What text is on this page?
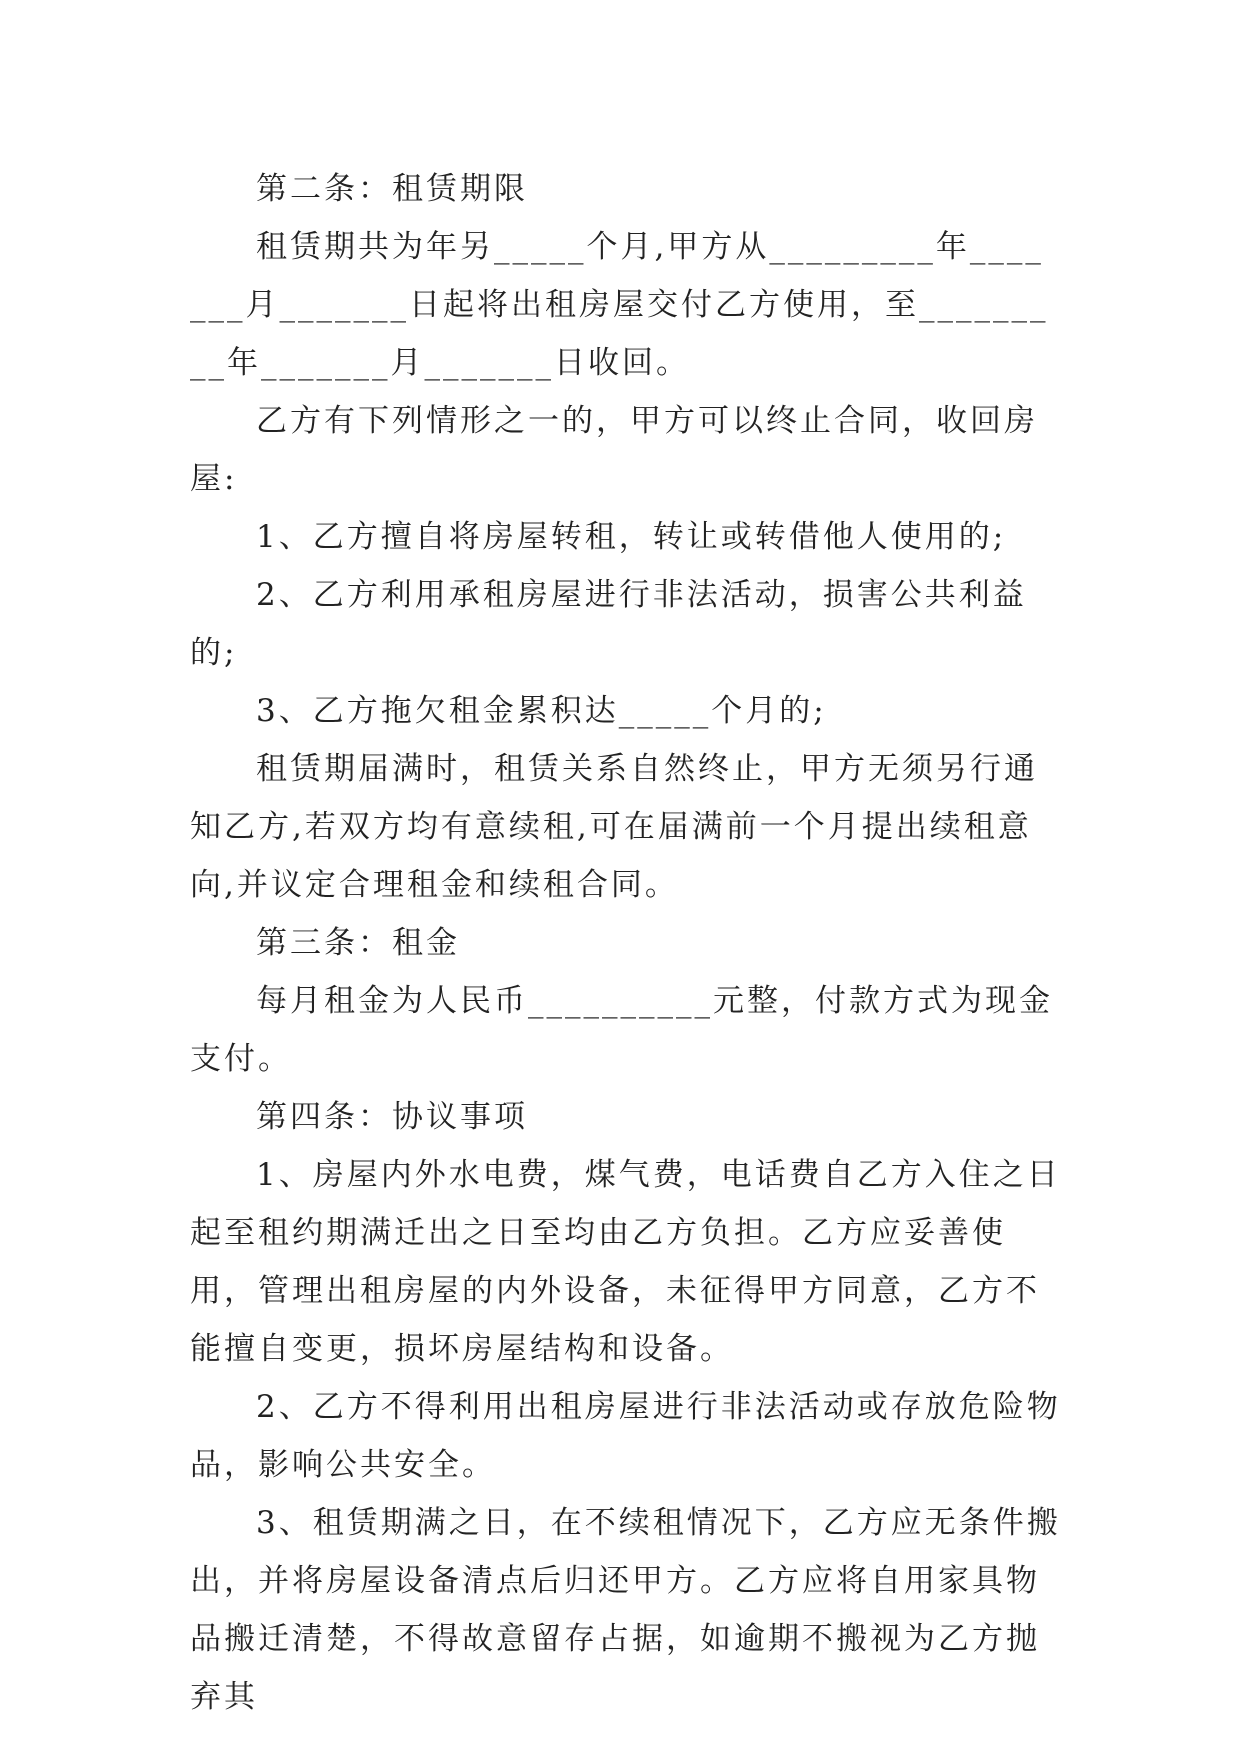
第二条：租赁期限

租赁期共为年另_____个月,甲方从_________年_______月_______日起将出租房屋交付乙方使用，至_________年_______月_______日收回。

乙方有下列情形之一的，甲方可以终止合同，收回房屋:

1、乙方擅自将房屋转租，转让或转借他人使用的;

2、乙方利用承租房屋进行非法活动，损害公共利益的;

3、乙方拖欠租金累积达_____个月的;

租赁期届满时，租赁关系自然终止，甲方无须另行通知乙方,若双方均有意续租,可在届满前一个月提出续租意向,并议定合理租金和续租合同。

第三条：租金

每月租金为人民币__________元整，付款方式为现金支付。

第四条：协议事项

1、房屋内外水电费，煤气费，电话费自乙方入住之日起至租约期满迁出之日至均由乙方负担。乙方应妥善使用，管理出租房屋的内外设备，未征得甲方同意，乙方不能擅自变更，损坏房屋结构和设备。

2、乙方不得利用出租房屋进行非法活动或存放危险物品，影响公共安全。

3、租赁期满之日，在不续租情况下，乙方应无条件搬出，并将房屋设备清点后归还甲方。乙方应将自用家具物品搬迁清楚，不得故意留存占据，如逾期不搬视为乙方抛弃其
